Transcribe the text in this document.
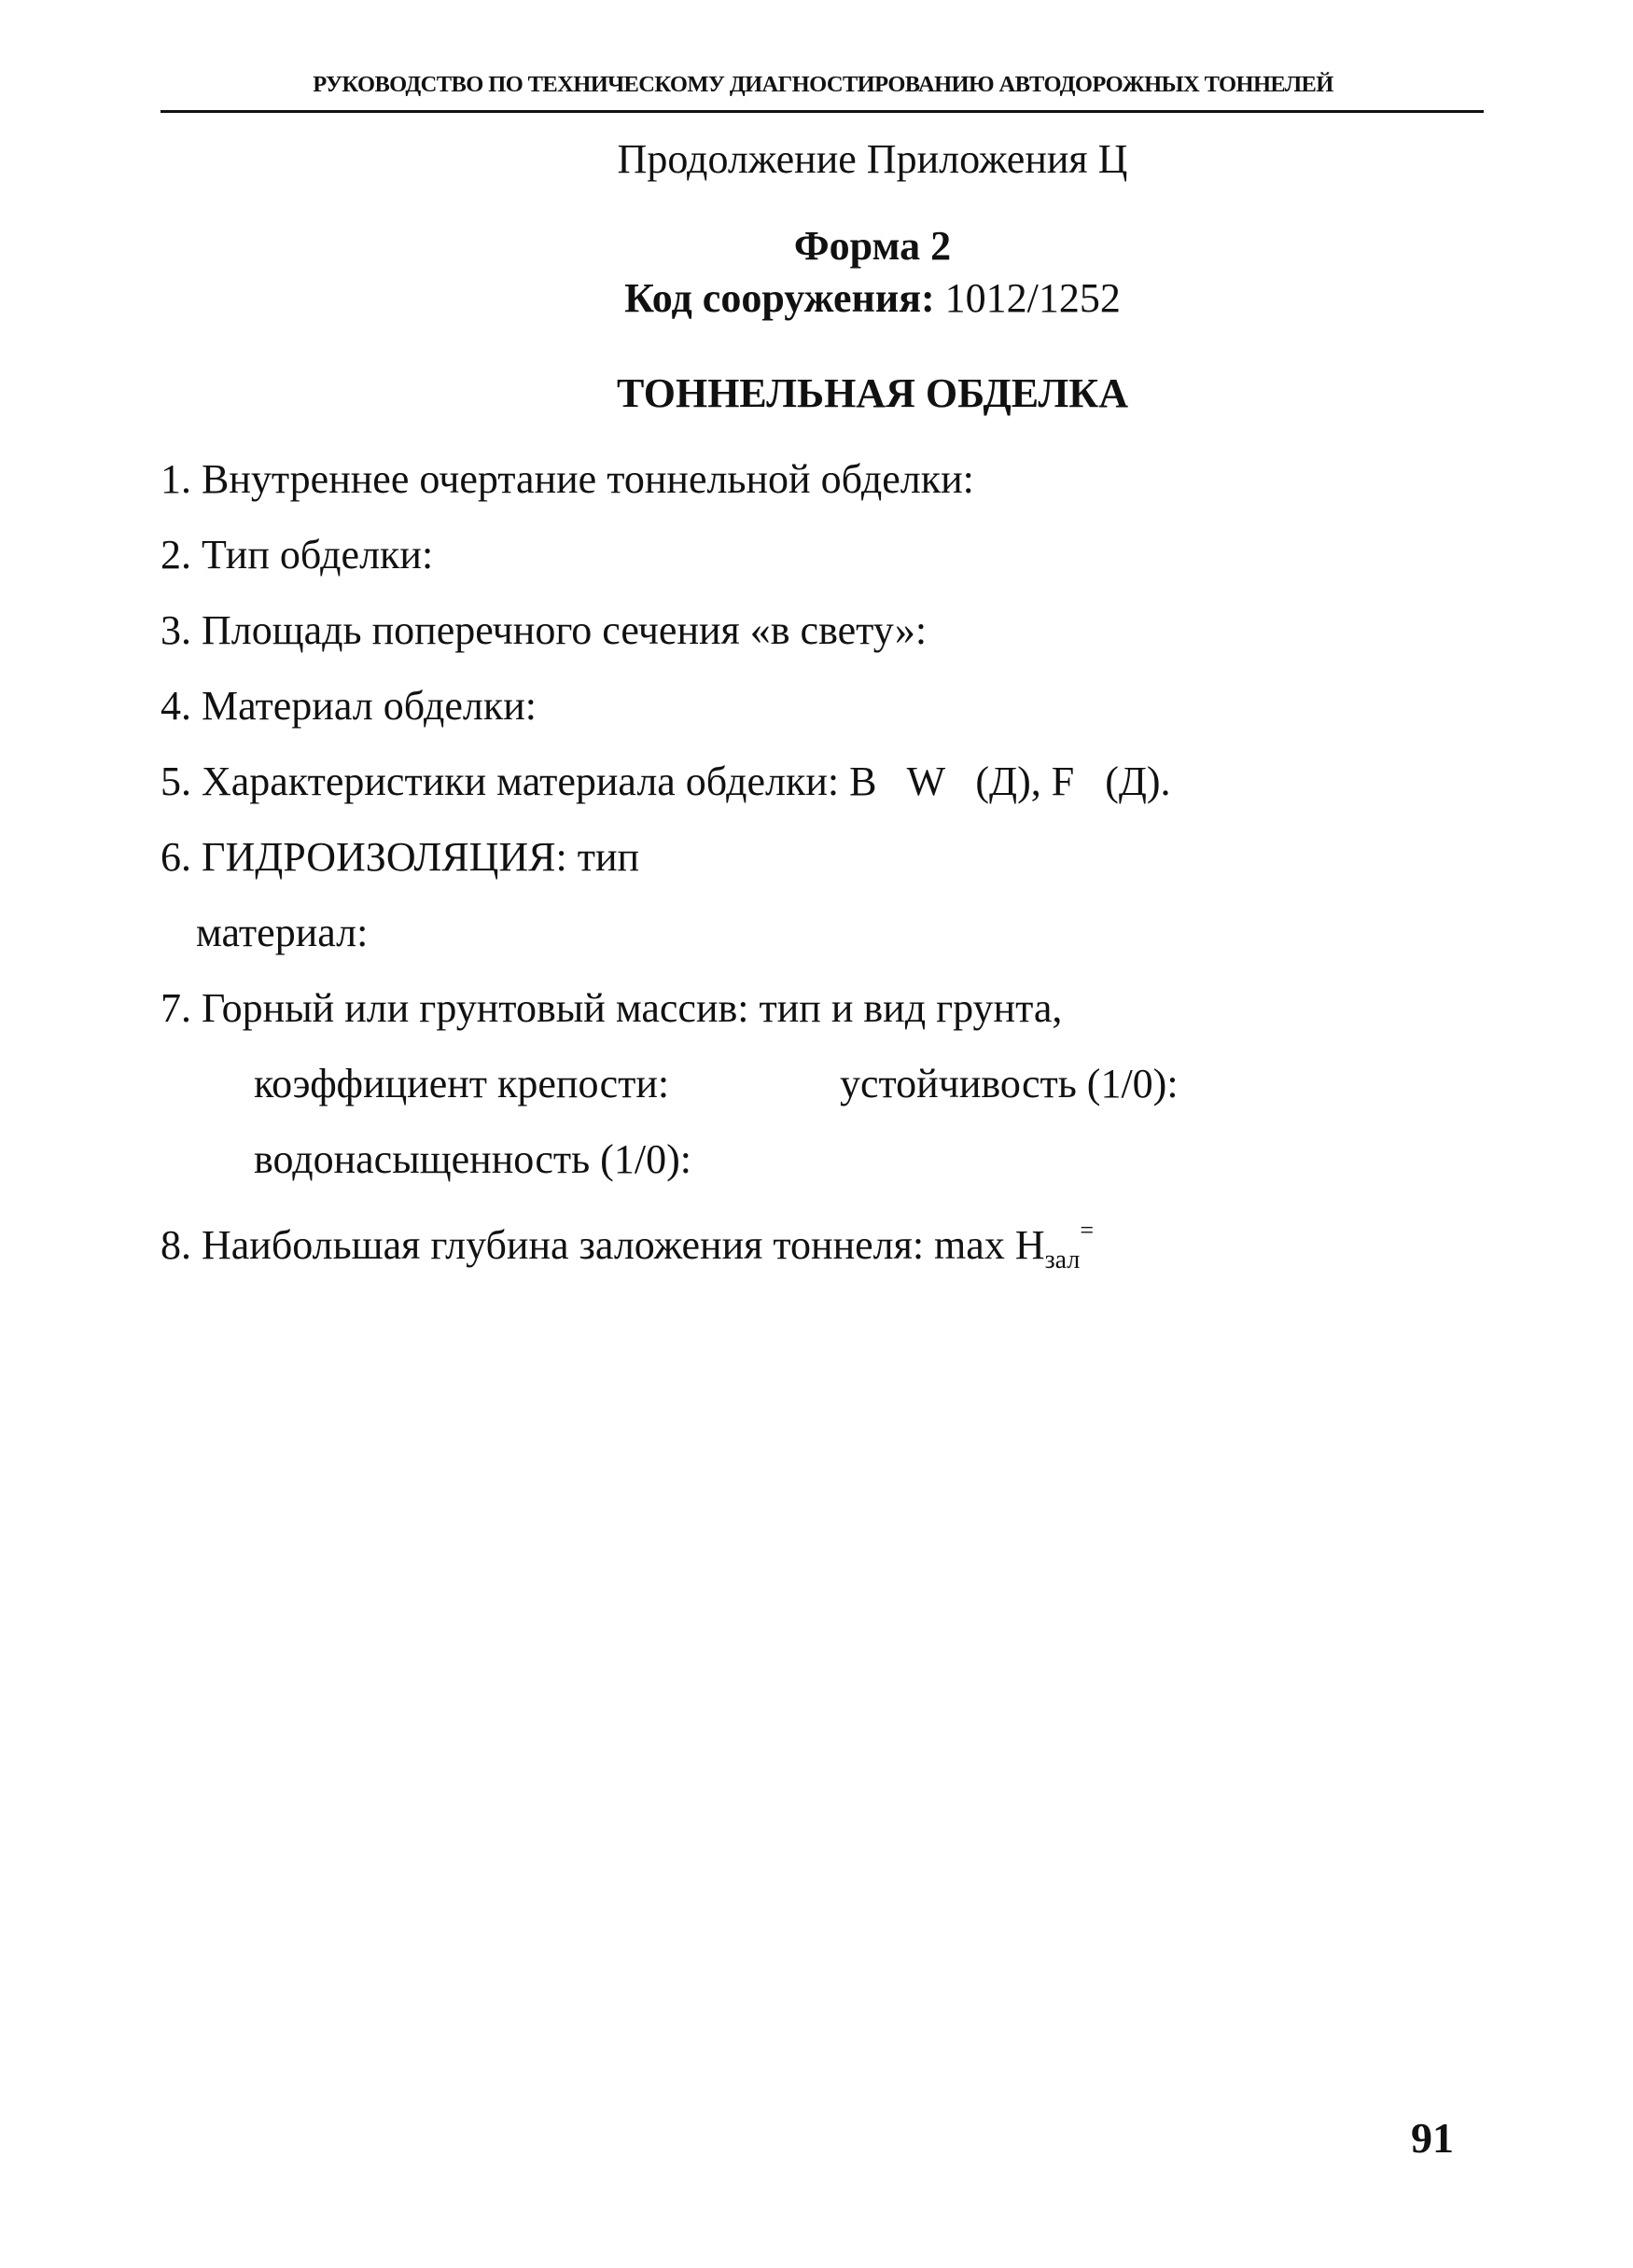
РУКОВОДСТВО ПО ТЕХНИЧЕСКОМУ ДИАГНОСТИРОВАНИЮ АВТОДОРОЖНЫХ ТОННЕЛЕЙ
Продолжение Приложения Ц
Форма 2
Код сооружения: 1012/1252
ТОННЕЛЬНАЯ ОБДЕЛКА
1. Внутреннее очертание тоннельной обделки:
2. Тип обделки:
3. Площадь поперечного сечения «в свету»:
4. Материал обделки:
5. Характеристики материала обделки: B   W   (Д), F   (Д).
6. ГИДРОИЗОЛЯЦИЯ: тип
материал:
7. Горный или грунтовый массив: тип и вид грунта,
коэффициент крепости:	устойчивость (1/0):
водонасыщенность (1/0):
8. Наибольшая глубина заложения тоннеля: $\max H_{зал}^=$
91
